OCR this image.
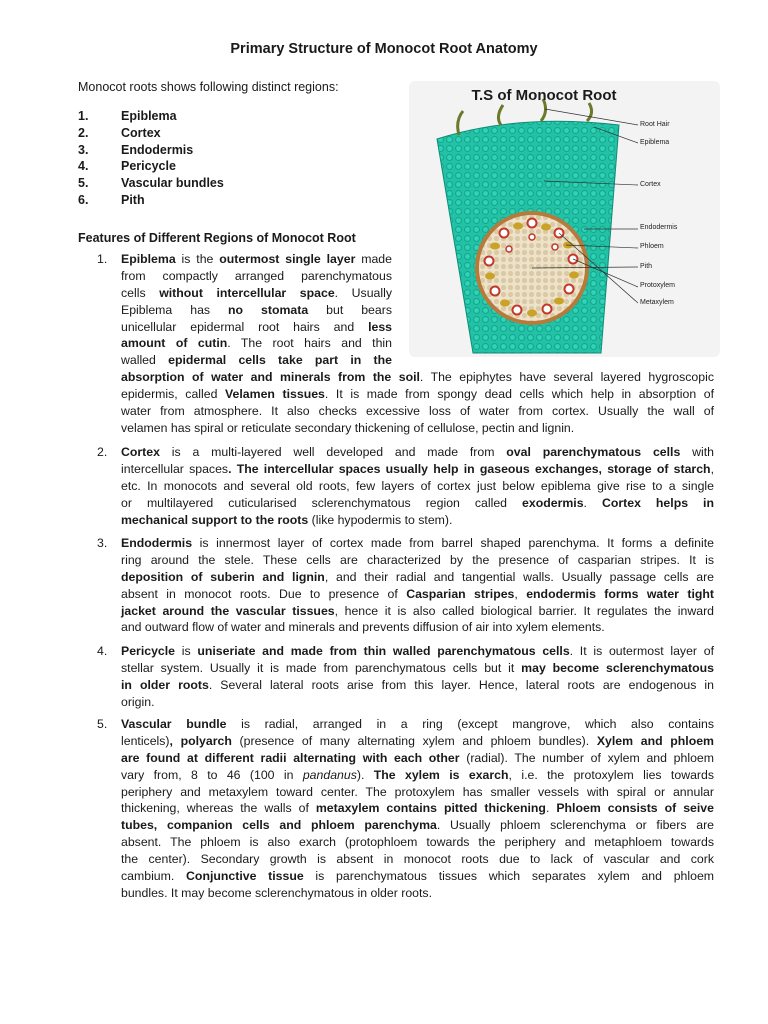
Primary Structure of Monocot Root Anatomy
Monocot roots shows following distinct regions:
1.	Epiblema
2.	Cortex
3.	Endodermis
4.	Pericycle
5.	Vascular bundles
6.	Pith
Features of Different Regions of Monocot Root
T.S of Monocot Root
Root Hair
Epiblema
Cortex
Endodermis
Phloem
Pith
Protoxylem
Metaxylem
1.
2.
3.
4.
5.
Epiblema is the outermost single layer made
from compactly arranged parenchymatous
cells without intercellular space. Usually
Epiblema has no stomata but bears
unicellular epidermal root hairs and less
amount of cutin. The root hairs and thin
walled epidermal cells take part in the
absorption of water and minerals from the soil. The epiphytes have several layered hygroscopic
epidermis, called Velamen tissues. It is made from spongy dead cells which help in absorption of
water from atmosphere. It also checks excessive loss of water from cortex. Usually the wall of
velamen has spiral or reticulate secondary thickening of cellulose, pectin and lignin.
Cortex is a multi-layered well developed and made from oval parenchymatous cells with
intercellular spaces. The intercellular spaces usually help in gaseous exchanges, storage of starch,
etc. In monocots and several old roots, few layers of cortex just below epiblema give rise to a single
or multilayered cuticularised sclerenchymatous region called exodermis. Cortex helps in
mechanical support to the roots (like hypodermis to stem).
Endodermis is innermost layer of cortex made from barrel shaped parenchyma. It forms a definite
ring around the stele. These cells are characterized by the presence of casparian stripes. It is
deposition of suberin and lignin, and their radial and tangential walls. Usually passage cells are
absent in monocot roots. Due to presence of Casparian stripes, endodermis forms water tight
jacket around the vascular tissues, hence it is also called biological barrier. It regulates the inward
and outward flow of water and minerals and prevents diffusion of air into xylem elements.
Pericycle is uniseriate and made from thin walled parenchymatous cells. It is outermost layer of
stellar system. Usually it is made from parenchymatous cells but it may become sclerenchymatous
in older roots. Several lateral roots arise from this layer. Hence, lateral roots are endogenous in
origin.
Vascular bundle is radial, arranged in a ring (except mangrove, which also contains
lenticels), polyarch (presence of many alternating xylem and phloem bundles). Xylem and phloem
are found at different radii alternating with each other (radial). The number of xylem and phloem
vary from, 8 to 46 (100 in pandanus). The xylem is exarch, i.e. the protoxylem lies towards
periphery and metaxylem toward center. The protoxylem has smaller vessels with spiral or annular
thickening, whereas the walls of metaxylem contains pitted thickening. Phloem consists of seive
tubes, companion cells and phloem parenchyma. Usually phloem sclerenchyma or fibers are
absent. The phloem is also exarch (protophloem towards the periphery and metaphloem towards
the center). Secondary growth is absent in monocot roots due to lack of vascular and cork
cambium. Conjunctive tissue is parenchymatous tissues which separates xylem and phloem
bundles. It may become sclerenchymatous in older roots.
